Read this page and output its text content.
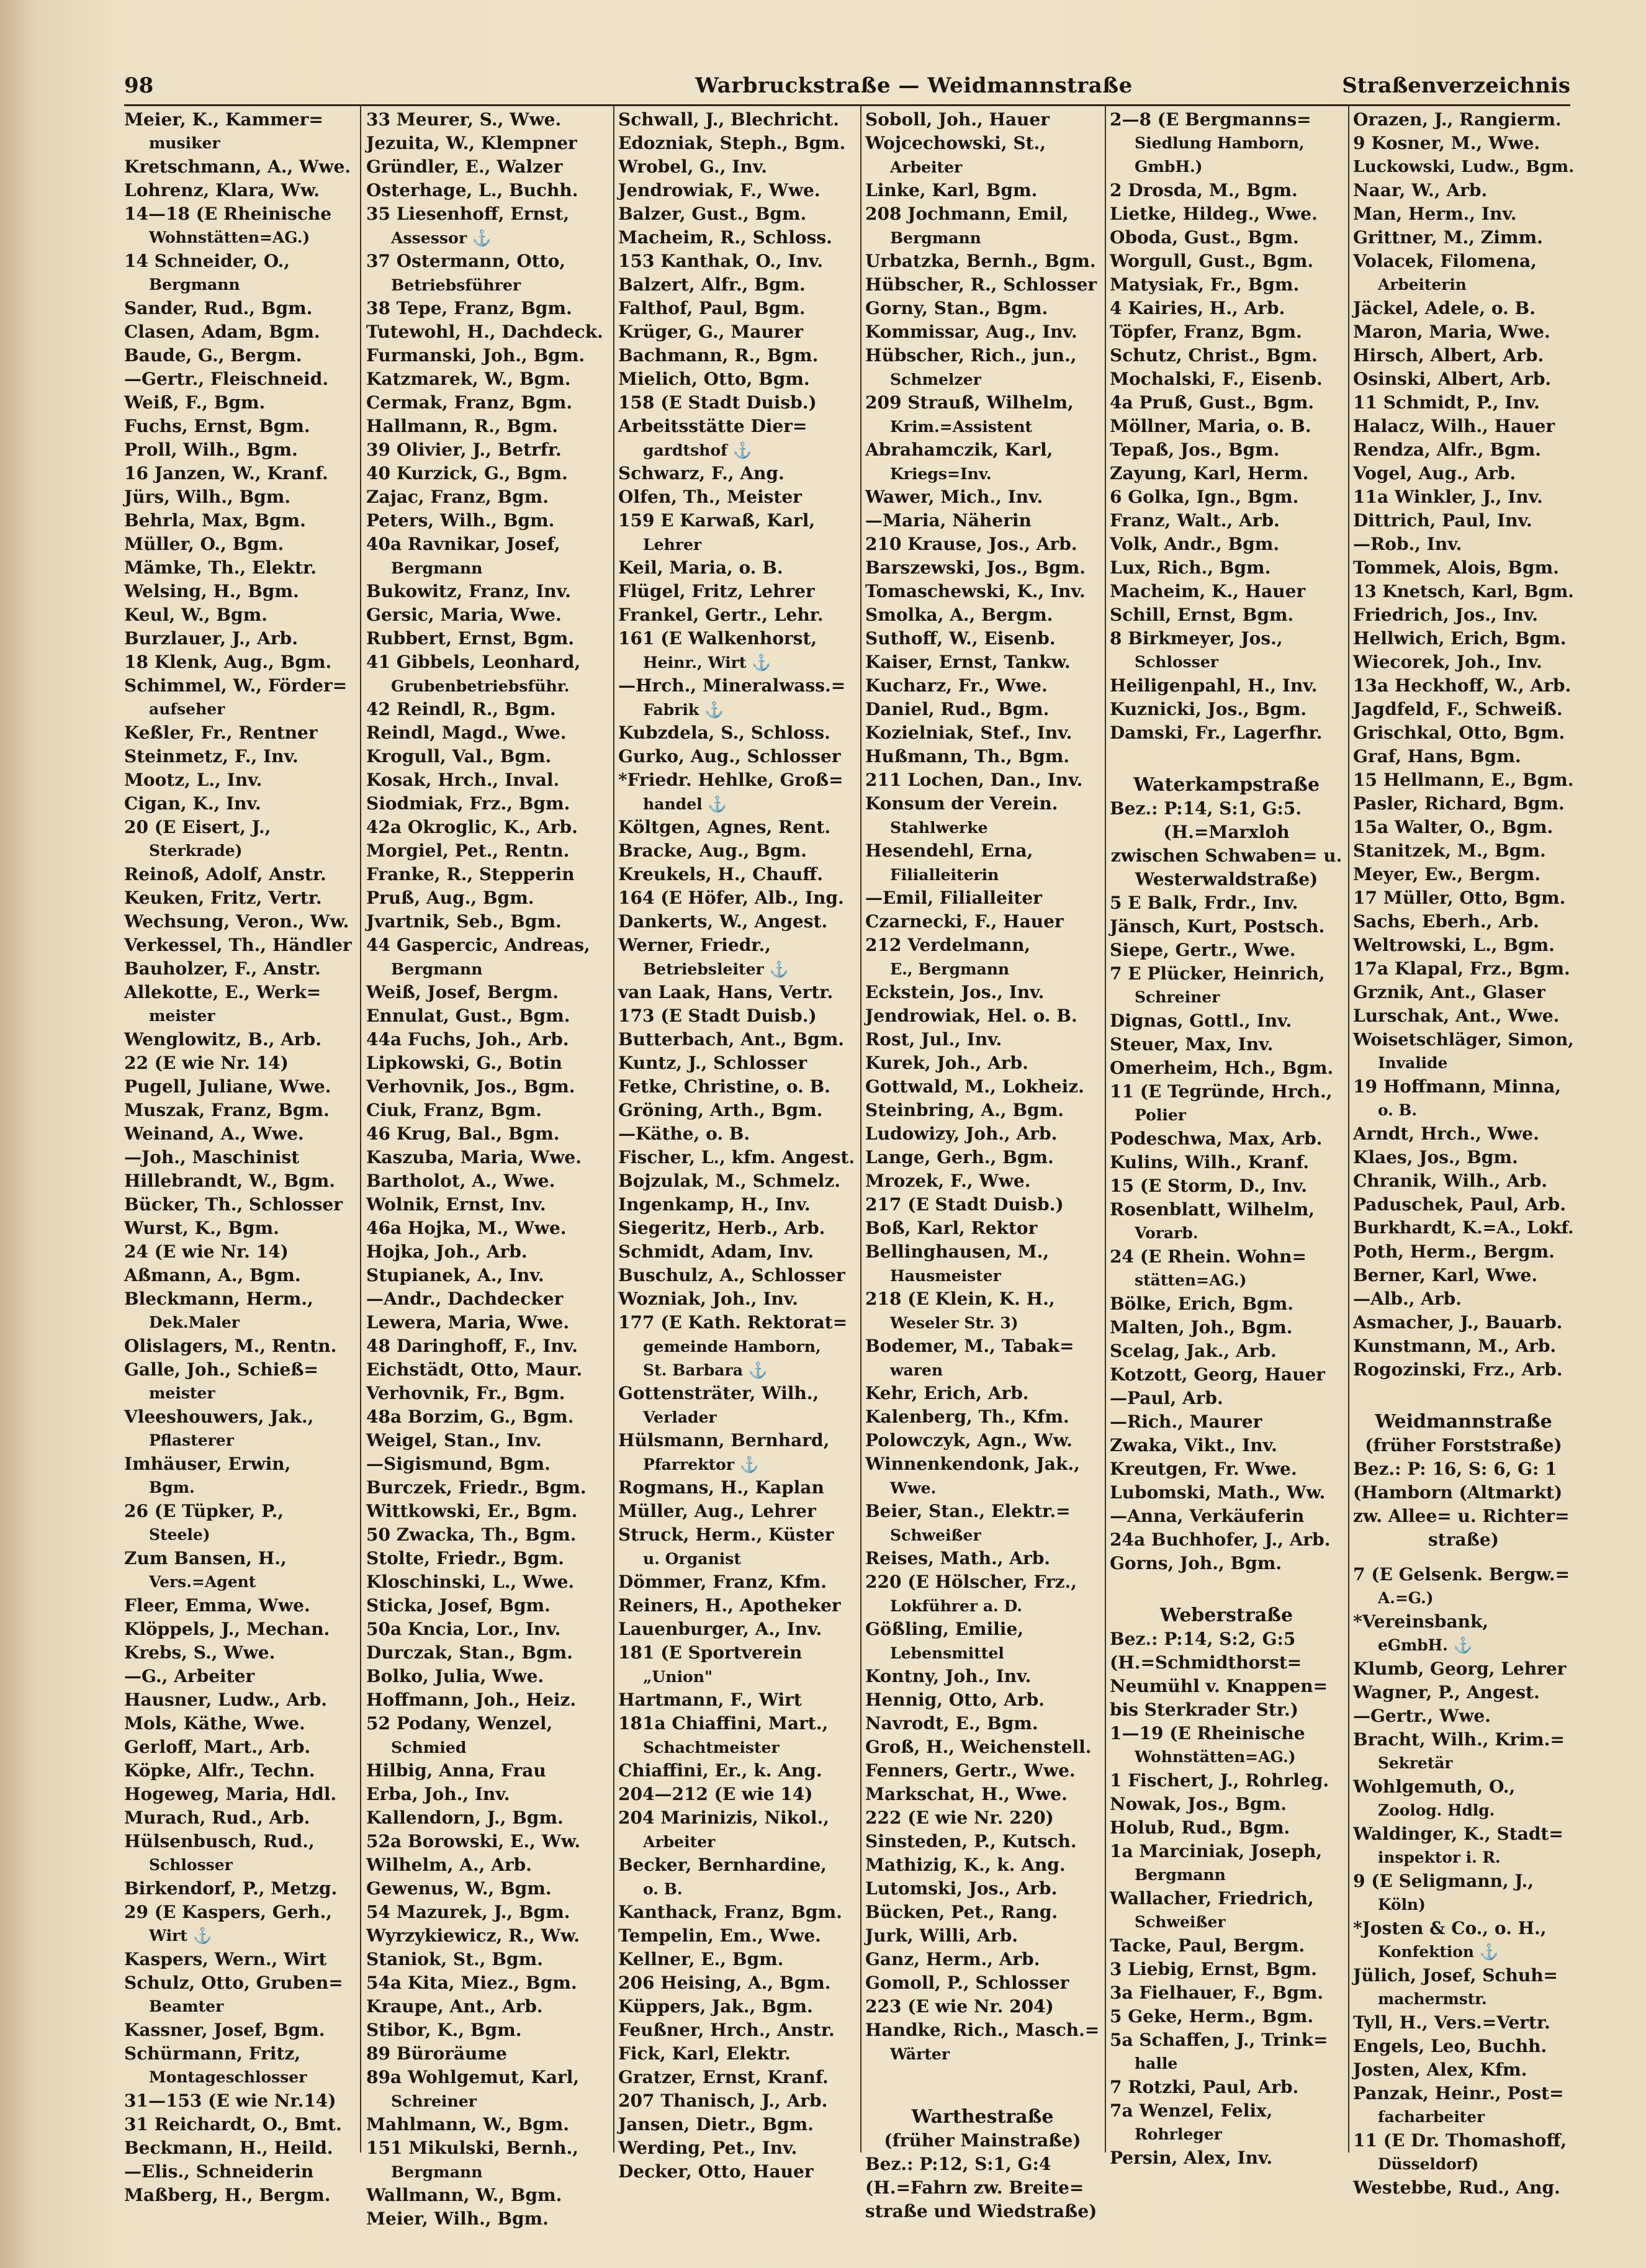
98	Warbruckstraße — Weidmannstraße	Straßenverzeichnis
Meier, K., Kammer=
musiker
Kretschmann, A., Wwe.
Lohrenz, Klara, Ww.
14—18 (E Rheinische
Wohnstätten=AG.)
14 Schneider, O.,
Bergmann
Sander, Rud., Bgm.
Clasen, Adam, Bgm.
Baude, G., Bergm.
—Gertr., Fleischneid.
Weiß, F., Bgm.
Fuchs, Ernst, Bgm.
Proll, Wilh., Bgm.
16 Janzen, W., Kranf.
Jürs, Wilh., Bgm.
Behrla, Max, Bgm.
Müller, O., Bgm.
Mämke, Th., Elektr.
Welsing, H., Bgm.
Keul, W., Bgm.
Burzlauer, J., Arb.
18 Klenk, Aug., Bgm.
Schimmel, W., Förder=
aufseher
Keßler, Fr., Rentner
Steinmetz, F., Inv.
Mootz, L., Inv.
Cigan, K., Inv.
20 (E Eisert, J.,
Sterkrade)
Reinoß, Adolf, Anstr.
Keuken, Fritz, Vertr.
Wechsung, Veron., Ww.
Verkessel, Th., Händler
Bauholzer, F., Anstr.
Allekotte, E., Werk=
meister
Wenglowitz, B., Arb.
22 (E wie Nr. 14)
Pugell, Juliane, Wwe.
Muszak, Franz, Bgm.
Weinand, A., Wwe.
—Joh., Maschinist
Hillebrandt, W., Bgm.
Bücker, Th., Schlosser
Wurst, K., Bgm.
24 (E wie Nr. 14)
Aßmann, A., Bgm.
Bleckmann, Herm.,
Dek.Maler
Olislagers, M., Rentn.
Galle, Joh., Schieß=
meister
Vleeshouwers, Jak.,
Pflasterer
Imhäuser, Erwin,
Bgm.
26 (E Tüpker, P.,
Steele)
Zum Bansen, H.,
Vers.=Agent
Fleer, Emma, Wwe.
Klöppels, J., Mechan.
Krebs, S., Wwe.
—G., Arbeiter
Hausner, Ludw., Arb.
Mols, Käthe, Wwe.
Gerloff, Mart., Arb.
Köpke, Alfr., Techn.
Hogeweg, Maria, Hdl.
Murach, Rud., Arb.
Hülsenbusch, Rud.,
Schlosser
Birkendorf, P., Metzg.
29 (E Kaspers, Gerh.,
Wirt ⚓
Kaspers, Wern., Wirt
Schulz, Otto, Gruben=
Beamter
Kassner, Josef, Bgm.
Schürmann, Fritz,
Montageschlosser
31—153 (E wie Nr.14)
31 Reichardt, O., Bmt.
Beckmann, H., Heild.
—Elis., Schneiderin
Maßberg, H., Bergm.
33 Meurer, S., Wwe.
Jezuita, W., Klempner
Gründler, E., Walzer
Osterhage, L., Buchh.
35 Liesenhoff, Ernst,
Assessor ⚓
37 Ostermann, Otto,
Betriebsführer
38 Tepe, Franz, Bgm.
Tutewohl, H., Dachdeck.
Furmanski, Joh., Bgm.
Katzmarek, W., Bgm.
Cermak, Franz, Bgm.
Hallmann, R., Bgm.
39 Olivier, J., Betrfr.
40 Kurzick, G., Bgm.
Zajac, Franz, Bgm.
Peters, Wilh., Bgm.
40a Ravnikar, Josef,
Bergmann
Bukowitz, Franz, Inv.
Gersic, Maria, Wwe.
Rubbert, Ernst, Bgm.
41 Gibbels, Leonhard,
Grubenbetriebsführ.
42 Reindl, R., Bgm.
Reindl, Magd., Wwe.
Krogull, Val., Bgm.
Kosak, Hrch., Inval.
Siodmiak, Frz., Bgm.
42a Okroglic, K., Arb.
Morgiel, Pet., Rentn.
Franke, R., Stepperin
Pruß, Aug., Bgm.
Jvartnik, Seb., Bgm.
44 Gaspercic, Andreas,
Bergmann
Weiß, Josef, Bergm.
Ennulat, Gust., Bgm.
44a Fuchs, Joh., Arb.
Lipkowski, G., Botin
Verhovnik, Jos., Bgm.
Ciuk, Franz, Bgm.
46 Krug, Bal., Bgm.
Kaszuba, Maria, Wwe.
Bartholot, A., Wwe.
Wolnik, Ernst, Inv.
46a Hojka, M., Wwe.
Hojka, Joh., Arb.
Stupianek, A., Inv.
—Andr., Dachdecker
Lewera, Maria, Wwe.
48 Daringhoff, F., Inv.
Eichstädt, Otto, Maur.
Verhovnik, Fr., Bgm.
48a Borzim, G., Bgm.
Weigel, Stan., Inv.
—Sigismund, Bgm.
Burczek, Friedr., Bgm.
Wittkowski, Er., Bgm.
50 Zwacka, Th., Bgm.
Stolte, Friedr., Bgm.
Kloschinski, L., Wwe.
Sticka, Josef, Bgm.
50a Kncia, Lor., Inv.
Durczak, Stan., Bgm.
Bolko, Julia, Wwe.
Hoffmann, Joh., Heiz.
52 Podany, Wenzel,
Schmied
Hilbig, Anna, Frau
Erba, Joh., Inv.
Kallendorn, J., Bgm.
52a Borowski, E., Ww.
Wilhelm, A., Arb.
Gewenus, W., Bgm.
54 Mazurek, J., Bgm.
Wyrzykiewicz, R., Ww.
Staniok, St., Bgm.
54a Kita, Miez., Bgm.
Kraupe, Ant., Arb.
Stibor, K., Bgm.
89 Büroräume
89a Wohlgemut, Karl,
Schreiner
Mahlmann, W., Bgm.
151 Mikulski, Bernh.,
Bergmann
Wallmann, W., Bgm.
Meier, Wilh., Bgm.
Schwall, J., Blechricht.
Edozniak, Steph., Bgm.
Wrobel, G., Inv.
Jendrowiak, F., Wwe.
Balzer, Gust., Bgm.
Macheim, R., Schloss.
153 Kanthak, O., Inv.
Balzert, Alfr., Bgm.
Falthof, Paul, Bgm.
Krüger, G., Maurer
Bachmann, R., Bgm.
Mielich, Otto, Bgm.
158 (E Stadt Duisb.)
Arbeitsstätte Dier=
gardtshof ⚓
Schwarz, F., Ang.
Olfen, Th., Meister
159 E Karwaß, Karl,
Lehrer
Keil, Maria, o. B.
Flügel, Fritz, Lehrer
Frankel, Gertr., Lehr.
161 (E Walkenhorst,
Heinr., Wirt ⚓
—Hrch., Mineralwass.=
Fabrik ⚓
Kubzdela, S., Schloss.
Gurko, Aug., Schlosser
*Friedr. Hehlke, Groß=
handel ⚓
Költgen, Agnes, Rent.
Bracke, Aug., Bgm.
Kreukels, H., Chauff.
164 (E Höfer, Alb., Ing.
Dankerts, W., Angest.
Werner, Friedr.,
Betriebsleiter ⚓
van Laak, Hans, Vertr.
173 (E Stadt Duisb.)
Butterbach, Ant., Bgm.
Kuntz, J., Schlosser
Fetke, Christine, o. B.
Gröning, Arth., Bgm.
—Käthe, o. B.
Fischer, L., kfm. Angest.
Bojzulak, M., Schmelz.
Ingenkamp, H., Inv.
Siegeritz, Herb., Arb.
Schmidt, Adam, Inv.
Buschulz, A., Schlosser
Wozniak, Joh., Inv.
177 (E Kath. Rektorat=
gemeinde Hamborn,
St. Barbara ⚓
Gottensträter, Wilh.,
Verlader
Hülsmann, Bernhard,
Pfarrektor ⚓
Rogmans, H., Kaplan
Müller, Aug., Lehrer
Struck, Herm., Küster
u. Organist
Dömmer, Franz, Kfm.
Reiners, H., Apotheker
Lauenburger, A., Inv.
181 (E Sportverein
„Union"
Hartmann, F., Wirt
181a Chiaffini, Mart.,
Schachtmeister
Chiaffini, Er., k. Ang.
204—212 (E wie 14)
204 Marinizis, Nikol.,
Arbeiter
Becker, Bernhardine,
o. B.
Kanthack, Franz, Bgm.
Tempelin, Em., Wwe.
Kellner, E., Bgm.
206 Heising, A., Bgm.
Küppers, Jak., Bgm.
Feußner, Hrch., Anstr.
Fick, Karl, Elektr.
Gratzer, Ernst, Kranf.
207 Thanisch, J., Arb.
Jansen, Dietr., Bgm.
Werding, Pet., Inv.
Decker, Otto, Hauer
Soboll, Joh., Hauer
Wojcechowski, St.,
Arbeiter
Linke, Karl, Bgm.
208 Jochmann, Emil,
Bergmann
Urbatzka, Bernh., Bgm.
Hübscher, R., Schlosser
Gorny, Stan., Bgm.
Kommissar, Aug., Inv.
Hübscher, Rich., jun.,
Schmelzer
209 Strauß, Wilhelm,
Krim.=Assistent
Abrahamczik, Karl,
Kriegs=Inv.
Wawer, Mich., Inv.
—Maria, Näherin
210 Krause, Jos., Arb.
Barszewski, Jos., Bgm.
Tomaschewski, K., Inv.
Smolka, A., Bergm.
Suthoff, W., Eisenb.
Kaiser, Ernst, Tankw.
Kucharz, Fr., Wwe.
Daniel, Rud., Bgm.
Kozielniak, Stef., Inv.
Hußmann, Th., Bgm.
211 Lochen, Dan., Inv.
Konsum der Verein.
Stahlwerke
Hesendehl, Erna,
Filialleiterin
—Emil, Filialleiter
Czarnecki, F., Hauer
212 Verdelmann,
E., Bergmann
Eckstein, Jos., Inv.
Jendrowiak, Hel. o. B.
Rost, Jul., Inv.
Kurek, Joh., Arb.
Gottwald, M., Lokheiz.
Steinbring, A., Bgm.
Ludowizy, Joh., Arb.
Lange, Gerh., Bgm.
Mrozek, F., Wwe.
217 (E Stadt Duisb.)
Boß, Karl, Rektor
Bellinghausen, M.,
Hausmeister
218 (E Klein, K. H.,
Weseler Str. 3)
Bodemer, M., Tabak=
waren
Kehr, Erich, Arb.
Kalenberg, Th., Kfm.
Polowczyk, Agn., Ww.
Winnenkendonk, Jak.,
Wwe.
Beier, Stan., Elektr.=
Schweißer
Reises, Math., Arb.
220 (E Hölscher, Frz.,
Lokführer a. D.
Gößling, Emilie,
Lebensmittel
Kontny, Joh., Inv.
Hennig, Otto, Arb.
Navrodt, E., Bgm.
Groß, H., Weichenstell.
Fenners, Gertr., Wwe.
Markschat, H., Wwe.
222 (E wie Nr. 220)
Sinsteden, P., Kutsch.
Mathizig, K., k. Ang.
Lutomski, Jos., Arb.
Bücken, Pet., Rang.
Jurk, Willi, Arb.
Ganz, Herm., Arb.
Gomoll, P., Schlosser
223 (E wie Nr. 204)
Handke, Rich., Masch.=
Wärter
Warthestraße
(früher Mainstraße)
Bez.: P:12, S:1, G:4
(H.=Fahrn zw. Breite=
straße und Wiedstraße)
2—8 (E Bergmanns=
Siedlung Hamborn,
GmbH.)
2 Drosda, M., Bgm.
Lietke, Hildeg., Wwe.
Oboda, Gust., Bgm.
Worgull, Gust., Bgm.
Matysiak, Fr., Bgm.
4 Kairies, H., Arb.
Töpfer, Franz, Bgm.
Schutz, Christ., Bgm.
Mochalski, F., Eisenb.
4a Pruß, Gust., Bgm.
Möllner, Maria, o. B.
Tepaß, Jos., Bgm.
Zayung, Karl, Herm.
6 Golka, Ign., Bgm.
Franz, Walt., Arb.
Volk, Andr., Bgm.
Lux, Rich., Bgm.
Macheim, K., Hauer
Schill, Ernst, Bgm.
8 Birkmeyer, Jos.,
Schlosser
Heiligenpahl, H., Inv.
Kuznicki, Jos., Bgm.
Damski, Fr., Lagerfhr.
Waterkampstraße
Bez.: P:14, S:1, G:5.
(H.=Marxloh
zwischen Schwaben= u.
Westerwaldstraße)
5 E Balk, Frdr., Inv.
Jänsch, Kurt, Postsch.
Siepe, Gertr., Wwe.
7 E Plücker, Heinrich,
Schreiner
Dignas, Gottl., Inv.
Steuer, Max, Inv.
Omerheim, Hch., Bgm.
11 (E Tegründe, Hrch.,
Polier
Podeschwa, Max, Arb.
Kulins, Wilh., Kranf.
15 (E Storm, D., Inv.
Rosenblatt, Wilhelm,
Vorarb.
24 (E Rhein. Wohn=
stätten=AG.)
Bölke, Erich, Bgm.
Malten, Joh., Bgm.
Scelag, Jak., Arb.
Kotzott, Georg, Hauer
—Paul, Arb.
—Rich., Maurer
Zwaka, Vikt., Inv.
Kreutgen, Fr. Wwe.
Lubomski, Math., Ww.
—Anna, Verkäuferin
24a Buchhofer, J., Arb.
Gorns, Joh., Bgm.
Weberstraße
Bez.: P:14, S:2, G:5
(H.=Schmidthorst=
Neumühl v. Knappen=
bis Sterkrader Str.)
1—19 (E Rheinische
Wohnstätten=AG.)
1 Fischert, J., Rohrleg.
Nowak, Jos., Bgm.
Holub, Rud., Bgm.
1a Marciniak, Joseph,
Bergmann
Wallacher, Friedrich,
Schweißer
Tacke, Paul, Bergm.
3 Liebig, Ernst, Bgm.
3a Fielhauer, F., Bgm.
5 Geke, Herm., Bgm.
5a Schaffen, J., Trink=
halle
7 Rotzki, Paul, Arb.
7a Wenzel, Felix,
Rohrleger
Persin, Alex, Inv.
Orazen, J., Rangierm.
9 Kosner, M., Wwe.
Luckowski, Ludw., Bgm.
Naar, W., Arb.
Man, Herm., Inv.
Grittner, M., Zimm.
Volacek, Filomena,
Arbeiterin
Jäckel, Adele, o. B.
Maron, Maria, Wwe.
Hirsch, Albert, Arb.
Osinski, Albert, Arb.
11 Schmidt, P., Inv.
Halacz, Wilh., Hauer
Rendza, Alfr., Bgm.
Vogel, Aug., Arb.
11a Winkler, J., Inv.
Dittrich, Paul, Inv.
—Rob., Inv.
Tommek, Alois, Bgm.
13 Knetsch, Karl, Bgm.
Friedrich, Jos., Inv.
Hellwich, Erich, Bgm.
Wiecorek, Joh., Inv.
13a Heckhoff, W., Arb.
Jagdfeld, F., Schweiß.
Grischkal, Otto, Bgm.
Graf, Hans, Bgm.
15 Hellmann, E., Bgm.
Pasler, Richard, Bgm.
15a Walter, O., Bgm.
Stanitzek, M., Bgm.
Meyer, Ew., Bergm.
17 Müller, Otto, Bgm.
Sachs, Eberh., Arb.
Weltrowski, L., Bgm.
17a Klapal, Frz., Bgm.
Grznik, Ant., Glaser
Lurschak, Ant., Wwe.
Woisetschläger, Simon,
Invalide
19 Hoffmann, Minna,
o. B.
Arndt, Hrch., Wwe.
Klaes, Jos., Bgm.
Chranik, Wilh., Arb.
Paduschek, Paul, Arb.
Burkhardt, K.=A., Lokf.
Poth, Herm., Bergm.
Berner, Karl, Wwe.
—Alb., Arb.
Asmacher, J., Bauarb.
Kunstmann, M., Arb.
Rogozinski, Frz., Arb.
Weidmannstraße
(früher Forststraße)
Bez.: P: 16, S: 6, G: 1
(Hamborn (Altmarkt)
zw. Allee= u. Richter=
straße)
7 (E Gelsenk. Bergw.=
A.=G.)
*Vereinsbank,
eGmbH. ⚓
Klumb, Georg, Lehrer
Wagner, P., Angest.
—Gertr., Wwe.
Bracht, Wilh., Krim.=
Sekretär
Wohlgemuth, O.,
Zoolog. Hdlg.
Waldinger, K., Stadt=
inspektor i. R.
9 (E Seligmann, J.,
Köln)
*Josten & Co., o. H.,
Konfektion ⚓
Jülich, Josef, Schuh=
machermstr.
Tyll, H., Vers.=Vertr.
Engels, Leo, Buchh.
Josten, Alex, Kfm.
Panzak, Heinr., Post=
facharbeiter
11 (E Dr. Thomashoff,
Düsseldorf)
Westebbe, Rud., Ang.
